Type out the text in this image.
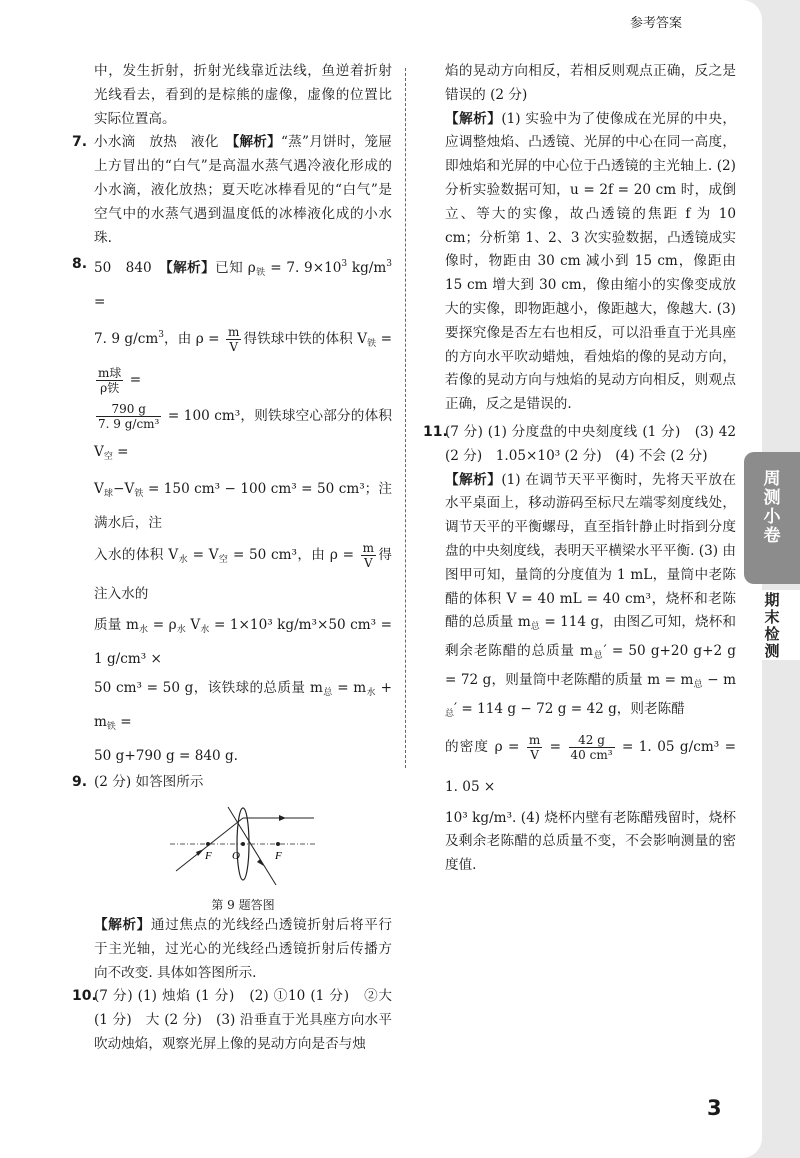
参考答案
中，发生折射，折射光线靠近法线，鱼逆着折射光线看去，看到的是棕熊的虚像，虚像的位置比实际位置高。
7. 小水滴　放热　液化　【解析】“蒸”月饼时，笼屉上方冒出的“白气”是高温水蒸气遇冷液化形成的小水滴，液化放热；夏天吃冰棒看见的“白气”是空气中的水蒸气遇到温度低的冰棒液化成的小水珠.
8. 50　840　【解析】已知 $\rho_铁 = 7$. $9\times 10^3$ $kg/m^3$ =
7. 9 $g/cm^3$，由 $\rho = \frac{m}{V}$ 得铁球中铁的体积 $V_铁$ =
$\frac{\text{m球}}{\text{ρ铁}}$ =
$\frac{790 g}{\text{7. 9 g/cm³}} = 100$ cm³，则铁球空心部分的体积 $V_空$ =
$V_球-V_铁 = 150$ cm³ − 100 cm³ = 50 cm³；注满水后，注
入水的体积 $V_水 = V_空 = 50$ cm³，由 $\rho = \frac{m}{V}$ 得注入水的
质量 $m_水 = \rho_水$ $V_水 = 1\times 10^3$ kg/m³×50 cm³ = 1 g/cm³ ×
50 cm³ = 50 g，该铁球的总质量 $m_总 = m_水 + m_铁$ =
50 g+790 g = 840 g.
9. (2 分) 如答图所示
F O	F
第 9 题答图
【解析】通过焦点的光线经凸透镜折射后将平行于主光轴，过光心的光线经凸透镜折射后传播方向不改变. 具体如答图所示.
10.
(7 分) (1) 烛焰 (1 分)　(2) ①10 (1 分)　②大 (1 分)　大 (2 分)　(3) 沿垂直于光具座方向水平吹动烛焰，观察光屏上像的晃动方向是否与烛
焰的晃动方向相反，若相反则观点正确，反之是错误的 (2 分)
【解析】(1) 实验中为了使像成在光屏的中央，应调整烛焰、凸透镜、光屏的中心在同一高度，即烛焰和光屏的中心位于凸透镜的主光轴上. (2) 分析实验数据可知，u = 2f = 20 cm 时，成倒立、等大的实像，故凸透镜的焦距 f 为 10 cm；分析第 1、2、3 次实验数据，凸透镜成实像时，物距由 30 cm 减小到 15 cm，像距由 15 cm 增大到 30 cm，像由缩小的实像变成放大的实像，即物距越小，像距越大，像越大. (3) 要探究像是否左右也相反，可以沿垂直于光具座的方向水平吹动蜡烛，看烛焰的像的晃动方向，若像的晃动方向与烛焰的晃动方向相反，则观点正确，反之是错误的.
11.
(7 分) (1) 分度盘的中央刻度线 (1 分)　(3) 42 (2 分)　1.05×10³ (2 分)　(4) 不会 (2 分)
【解析】(1) 在调节天平平衡时，先将天平放在水平桌面上，移动游码至标尺左端零刻度线处，调节天平的平衡螺母，直至指针静止时指到分度盘的中央刻度线，表明天平横梁水平平衡. (3) 由图甲可知，量筒的分度值为 1 mL，量筒中老陈醋的体积 V = 40 mL = 40 cm³，烧杯和老陈醋的总质量 $m_总 = 114$ g，由图乙可知，烧杯和剩余老陈醋的总质量 $m_总' = 50$ g+20 g+2 g = 72 g，则量筒中老陈醋的质量 $m = m_总 - m_总' = 114$ g − 72 g = 42 g，则老陈醋
的密度 $\rho = \frac{m}{V} = \frac{42 g}{\text{40 cm³}} = 1$. 05 g/cm³ = 1. 05 ×
10³ kg/m³. (4) 烧杯内壁有老陈醋残留时，烧杯及剩余老陈醋的总质量不变，不会影响测量的密度值.
3
周测小卷
期末检测
